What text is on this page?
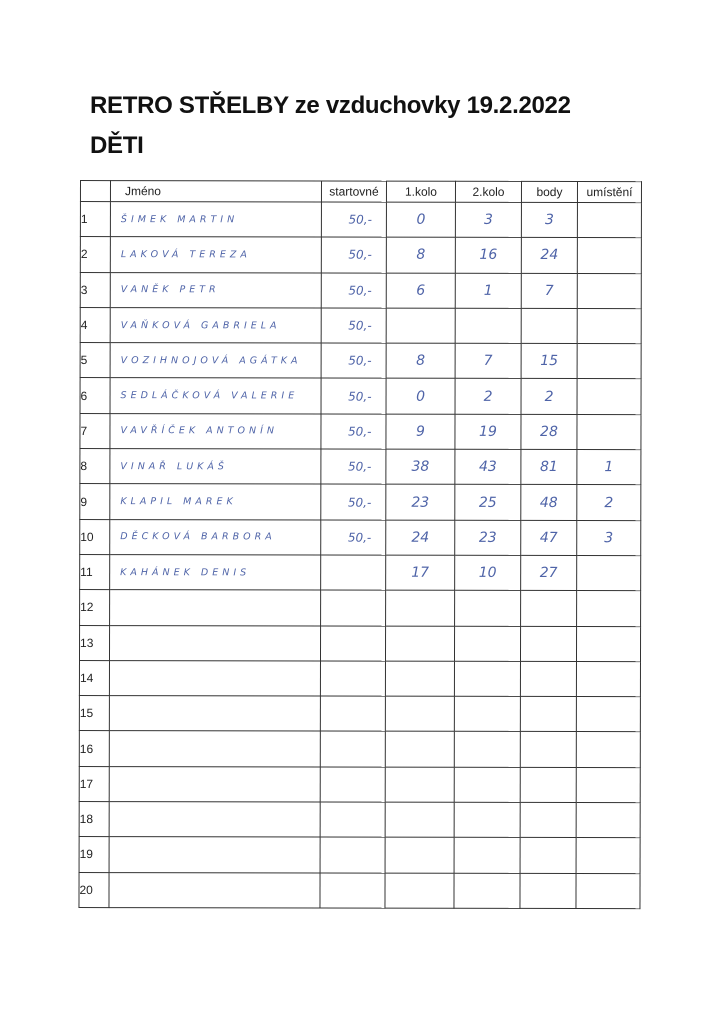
RETRO STŘELBY ze vzduchovky 19.2.2022
DĚTI
	Jméno	startovné	1.kolo	2.kolo	body	umístění
1	ŠIMEK MARTIN	50,-	0	3	3	
2	LAKOVÁ TEREZA	50,-	8	16	24	
3	VANĚK PETR	50,-	6	1	7	
4	VAŇKOVÁ GABRIELA	50,-				
5	VOZIHNOJOVÁ AGÁTKA	50,-	8	7	15	
6	SEDLÁČKOVÁ VALERIE	50,-	0	2	2	
7	VAVŘÍČEK ANTONÍN	50,-	9	19	28	
8	VINAŘ LUKÁŠ	50,-	38	43	81	1
9	KLAPIL MAREK	50,-	23	25	48	2
10	DĚCKOVÁ BARBORA	50,-	24	23	47	3
11	KAHÁNEK DENIS		17	10	27	
12						
13						
14						
15						
16						
17						
18						
19						
20						
